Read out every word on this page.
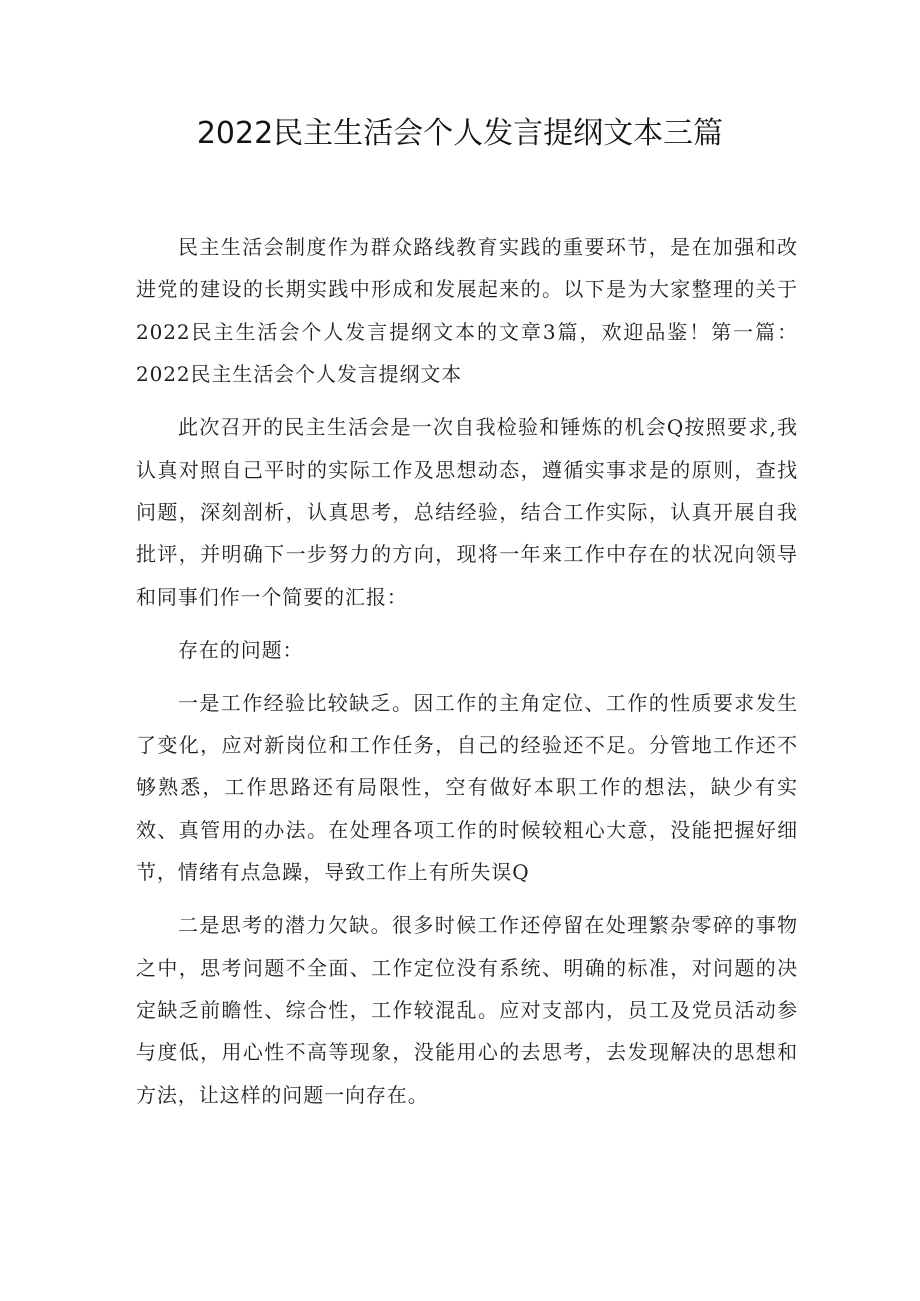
2022民主生活会个人发言提纲文本三篇

民主生活会制度作为群众路线教育实践的重要环节，是在加强和改进党的建设的长期实践中形成和发展起来的。以下是为大家整理的关于2022民主生活会个人发言提纲文本的文章3篇，欢迎品鉴！第一篇：2022民主生活会个人发言提纲文本

此次召开的民主生活会是一次自我检验和锤炼的机会Q按照要求,我认真对照自己平时的实际工作及思想动态，遵循实事求是的原则，查找问题，深刻剖析，认真思考，总结经验，结合工作实际，认真开展自我批评，并明确下一步努力的方向，现将一年来工作中存在的状况向领导和同事们作一个简要的汇报：

存在的问题：

一是工作经验比较缺乏。因工作的主角定位、工作的性质要求发生了变化，应对新岗位和工作任务，自己的经验还不足。分管地工作还不够熟悉，工作思路还有局限性，空有做好本职工作的想法，缺少有实效、真管用的办法。在处理各项工作的时候较粗心大意，没能把握好细节，情绪有点急躁，导致工作上有所失误Q

二是思考的潜力欠缺。很多时候工作还停留在处理繁杂零碎的事物之中，思考问题不全面、工作定位没有系统、明确的标准，对问题的决定缺乏前瞻性、综合性，工作较混乱。应对支部内，员工及党员活动参与度低，用心性不高等现象，没能用心的去思考，去发现解决的思想和方法，让这样的问题一向存在。
